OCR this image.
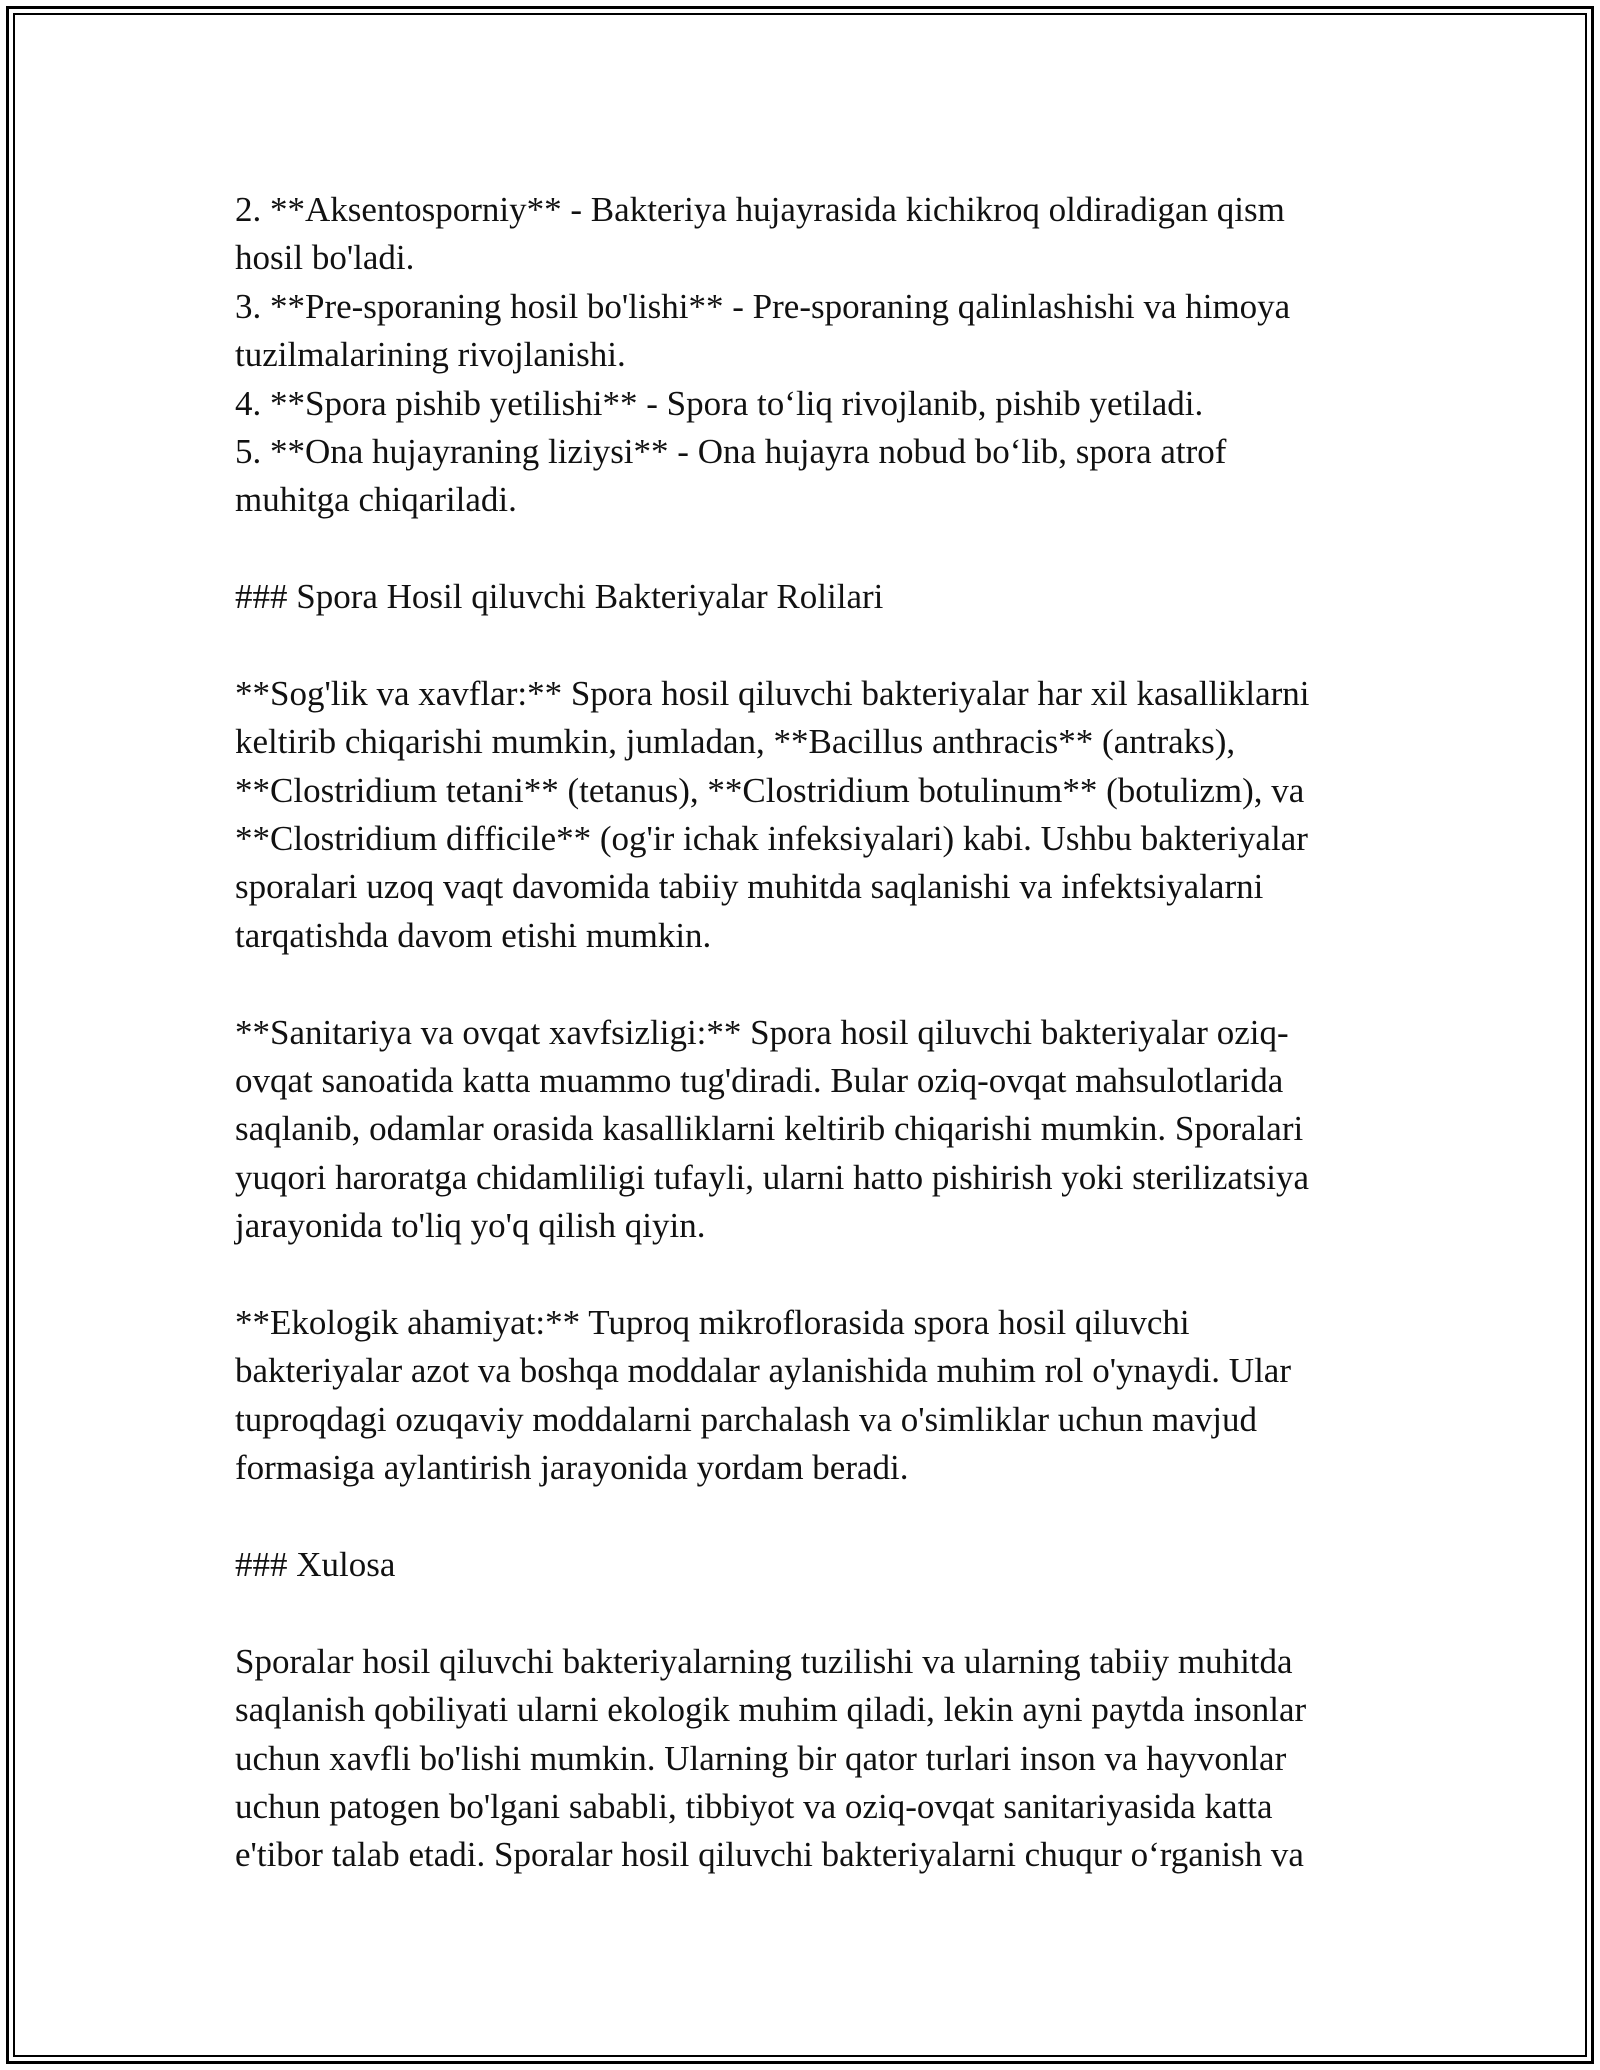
2. **Aksentosporniy** - Bakteriya hujayrasida kichikroq oldiradigan qism
hosil bo'ladi.
3. **Pre-sporaning hosil bo'lishi** - Pre-sporaning qalinlashishi va himoya
tuzilmalarining rivojlanishi.
4. **Spora pishib yetilishi** - Spora to‘liq rivojlanib, pishib yetiladi.
5. **Ona hujayraning liziysi** - Ona hujayra nobud bo‘lib, spora atrof
muhitga chiqariladi.
### Spora Hosil qiluvchi Bakteriyalar Rolilari
**Sog'lik va xavflar:** Spora hosil qiluvchi bakteriyalar har xil kasalliklarni
keltirib chiqarishi mumkin, jumladan, **Bacillus anthracis** (antraks),
**Clostridium tetani** (tetanus), **Clostridium botulinum** (botulizm), va
**Clostridium difficile** (og'ir ichak infeksiyalari) kabi. Ushbu bakteriyalar
sporalari uzoq vaqt davomida tabiiy muhitda saqlanishi va infektsiyalarni
tarqatishda davom etishi mumkin.
**Sanitariya va ovqat xavfsizligi:** Spora hosil qiluvchi bakteriyalar oziq-
ovqat sanoatida katta muammo tug'diradi. Bular oziq-ovqat mahsulotlarida
saqlanib, odamlar orasida kasalliklarni keltirib chiqarishi mumkin. Sporalari
yuqori haroratga chidamliligi tufayli, ularni hatto pishirish yoki sterilizatsiya
jarayonida to'liq yo'q qilish qiyin.
**Ekologik ahamiyat:** Tuproq mikroflorasida spora hosil qiluvchi
bakteriyalar azot va boshqa moddalar aylanishida muhim rol o'ynaydi. Ular
tuproqdagi ozuqaviy moddalarni parchalash va o'simliklar uchun mavjud
formasiga aylantirish jarayonida yordam beradi.
### Xulosa
Sporalar hosil qiluvchi bakteriyalarning tuzilishi va ularning tabiiy muhitda
saqlanish qobiliyati ularni ekologik muhim qiladi, lekin ayni paytda insonlar
uchun xavfli bo'lishi mumkin. Ularning bir qator turlari inson va hayvonlar
uchun patogen bo'lgani sababli, tibbiyot va oziq-ovqat sanitariyasida katta
e'tibor talab etadi. Sporalar hosil qiluvchi bakteriyalarni chuqur o‘rganish va
